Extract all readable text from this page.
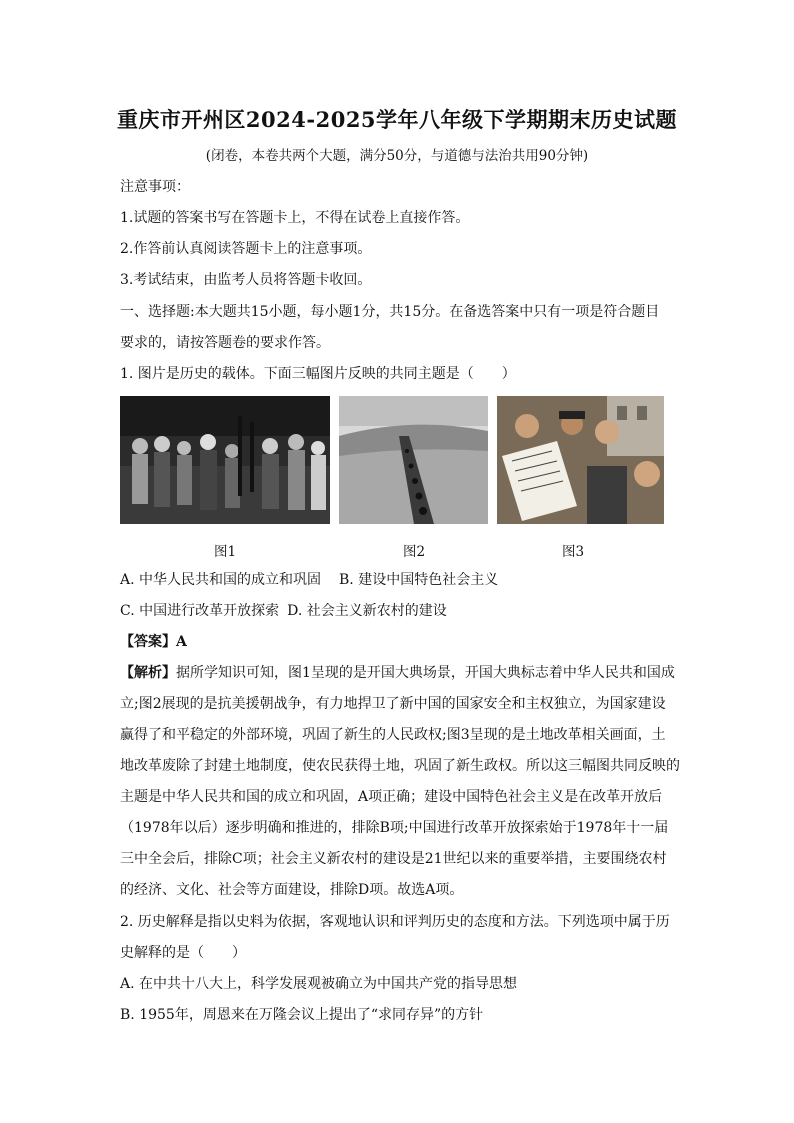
重庆市开州区2024-2025学年八年级下学期期末历史试题
(闭卷，本卷共两个大题，满分50分，与道德与法治共用90分钟)
注意事项：
1.试题的答案书写在答题卡上，不得在试卷上直接作答。
2.作答前认真阅读答题卡上的注意事项。
3.考试结束，由监考人员将答题卡收回。
一、选择题:本大题共15小题，每小题1分，共15分。在备选答案中只有一项是符合题目
要求的，请按答题卷的要求作答。
1. 图片是历史的载体。下面三幅图片反映的共同主题是（　　）
图1	图2	图3
A. 中华人民共和国的成立和巩固 B. 建设中国特色社会主义
C. 中国进行改革开放探索 D. 社会主义新农村的建设
【答案】A
【解析】据所学知识可知，图1呈现的是开国大典场景，开国大典标志着中华人民共和国成
立;图2展现的是抗美援朝战争，有力地捍卫了新中国的国家安全和主权独立，为国家建设
赢得了和平稳定的外部环境，巩固了新生的人民政权;图3呈现的是土地改革相关画面，土
地改革废除了封建土地制度，使农民获得土地，巩固了新生政权。所以这三幅图共同反映的
主题是中华人民共和国的成立和巩固，A项正确；建设中国特色社会主义是在改革开放后
（1978年以后）逐步明确和推进的，排除B项;中国进行改革开放探索始于1978年十一届
三中全会后，排除C项；社会主义新农村的建设是21世纪以来的重要举措，主要围绕农村
的经济、文化、社会等方面建设，排除D项。故选A项。
2. 历史解释是指以史料为依据，客观地认识和评判历史的态度和方法。下列选项中属于历
史解释的是（　　）
A. 在中共十八大上，科学发展观被确立为中国共产党的指导思想
B. 1955年，周恩来在万隆会议上提出了“求同存异”的方针
